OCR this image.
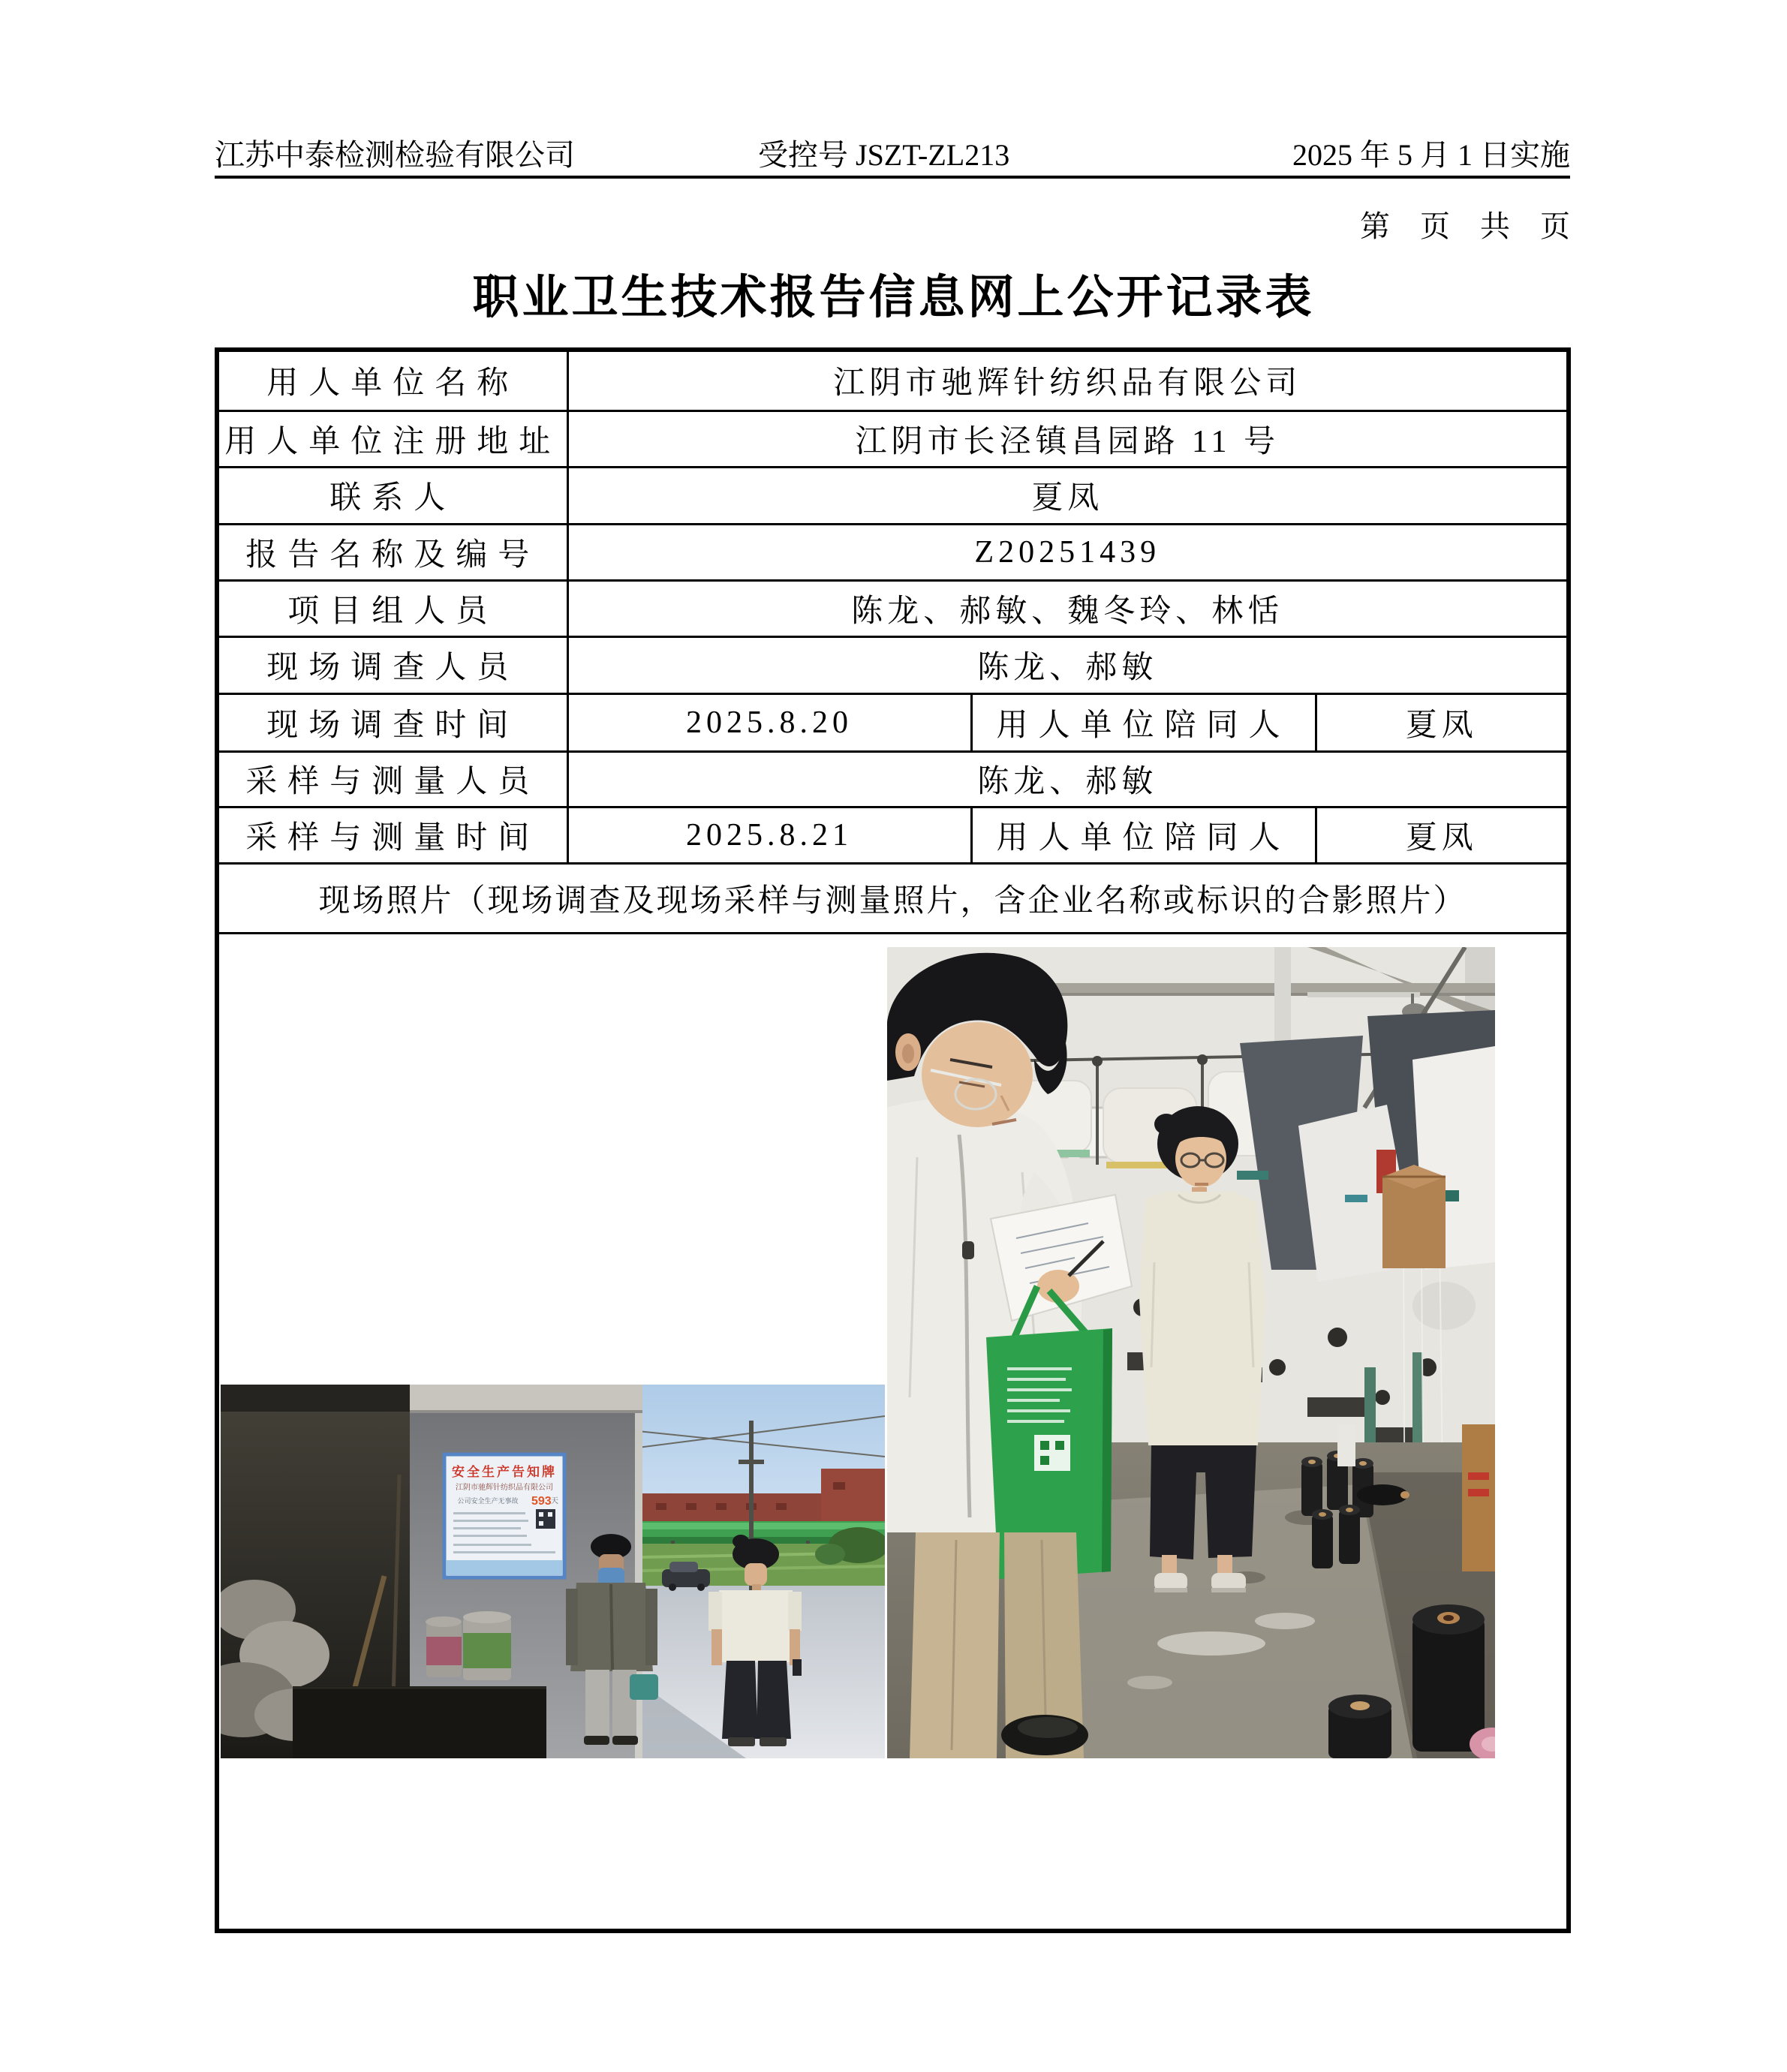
江苏中泰检测检验有限公司	受控号 JSZT-ZL213	2025 年 5 月 1 日实施
第　页　共　页
职业卫生技术报告信息网上公开记录表
用人单位名称	江阴市驰辉针纺织品有限公司		
用人单位注册地址	江阴市长泾镇昌园路 11 号		
联系人	夏凤		
报告名称及编号	Z20251439		
项目组人员	陈龙、郝敏、魏冬玲、林恬		
现场调查人员	陈龙、郝敏		
现场调查时间	2025.8.20	用人单位陪同人	夏凤
采样与测量人员	陈龙、郝敏		
采样与测量时间	2025.8.21	用人单位陪同人	夏凤
现场照片（现场调查及现场采样与测量照片，含企业名称或标识的合影照片）			

安全生产告知牌
江阴市驰辉针纺织品有限公司
公司安全生产无事故 593 天			
